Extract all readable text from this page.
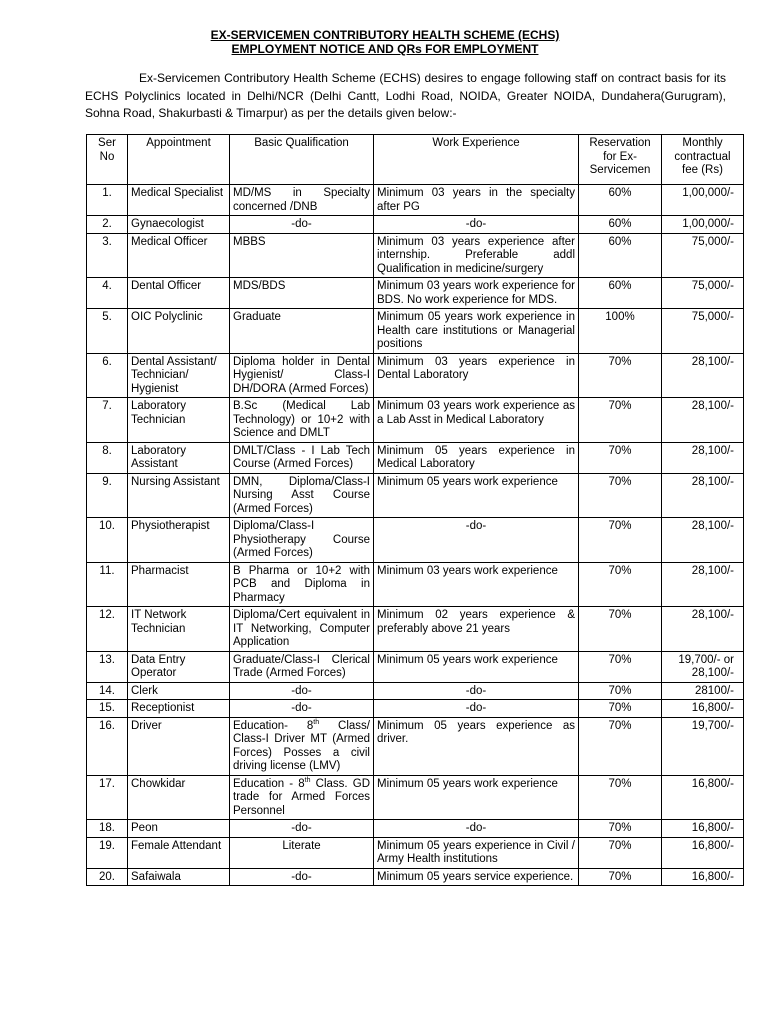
EX-SERVICEMEN CONTRIBUTORY HEALTH SCHEME (ECHS)
EMPLOYMENT NOTICE AND QRs FOR EMPLOYMENT
Ex-Servicemen Contributory Health Scheme (ECHS) desires to engage following staff on contract basis for its ECHS Polyclinics located in Delhi/NCR (Delhi Cantt, Lodhi Road, NOIDA, Greater NOIDA, Dundahera(Gurugram), Sohna Road, Shakurbasti & Timarpur) as per the details given below:-
Ser No	Appointment	Basic Qualification	Work Experience	Reservation for Ex-Servicemen	Monthly contractual fee (Rs)
1.	Medical Specialist	MD/MS in Specialty concerned /DNB	Minimum 03 years in the specialty after PG	60%	1,00,000/-
2.	Gynaecologist	-do-	-do-	60%	1,00,000/-
3.	Medical Officer	MBBS	Minimum 03 years experience after internship. Preferable addl Qualification in medicine/surgery	60%	75,000/-
4.	Dental Officer	MDS/BDS	Minimum 03 years work experience for BDS. No work experience for MDS.	60%	75,000/-
5.	OIC Polyclinic	Graduate	Minimum 05 years work experience in Health care institutions or Managerial positions	100%	75,000/-
6.	Dental Assistant/ Technician/ Hygienist	Diploma holder in Dental Hygienist/ Class-I DH/DORA (Armed Forces)	Minimum 03 years experience in Dental Laboratory	70%	28,100/-
7.	Laboratory Technician	B.Sc (Medical Lab Technology) or 10+2 with Science and DMLT	Minimum 03 years work experience as a Lab Asst in Medical Laboratory	70%	28,100/-
8.	Laboratory Assistant	DMLT/Class - I Lab Tech Course (Armed Forces)	Minimum 05 years experience in Medical Laboratory	70%	28,100/-
9.	Nursing Assistant	DMN, Diploma/Class-I Nursing Asst Course (Armed Forces)	Minimum 05 years work experience	70%	28,100/-
10.	Physiotherapist	Diploma/Class-I Physiotherapy Course (Armed Forces)	-do-	70%	28,100/-
11.	Pharmacist	B Pharma or 10+2 with PCB and Diploma in Pharmacy	Minimum 03 years work experience	70%	28,100/-
12.	IT Network Technician	Diploma/Cert equivalent in IT Networking, Computer Application	Minimum 02 years experience & preferably above 21 years	70%	28,100/-
13.	Data Entry Operator	Graduate/Class-I Clerical Trade (Armed Forces)	Minimum 05 years work experience	70%	19,700/- or 28,100/-
14.	Clerk	-do-	-do-	70%	28100/-
15.	Receptionist	-do-	-do-	70%	16,800/-
16.	Driver	Education- 8th Class/ Class-I Driver MT (Armed Forces) Posses a civil driving license (LMV)	Minimum 05 years experience as driver.	70%	19,700/-
17.	Chowkidar	Education - 8th Class. GD trade for Armed Forces Personnel	Minimum 05 years work experience	70%	16,800/-
18.	Peon	-do-	-do-	70%	16,800/-
19.	Female Attendant	Literate	Minimum 05 years experience in Civil / Army Health institutions	70%	16,800/-
20.	Safaiwala	-do-	Minimum 05 years service experience.	70%	16,800/-
